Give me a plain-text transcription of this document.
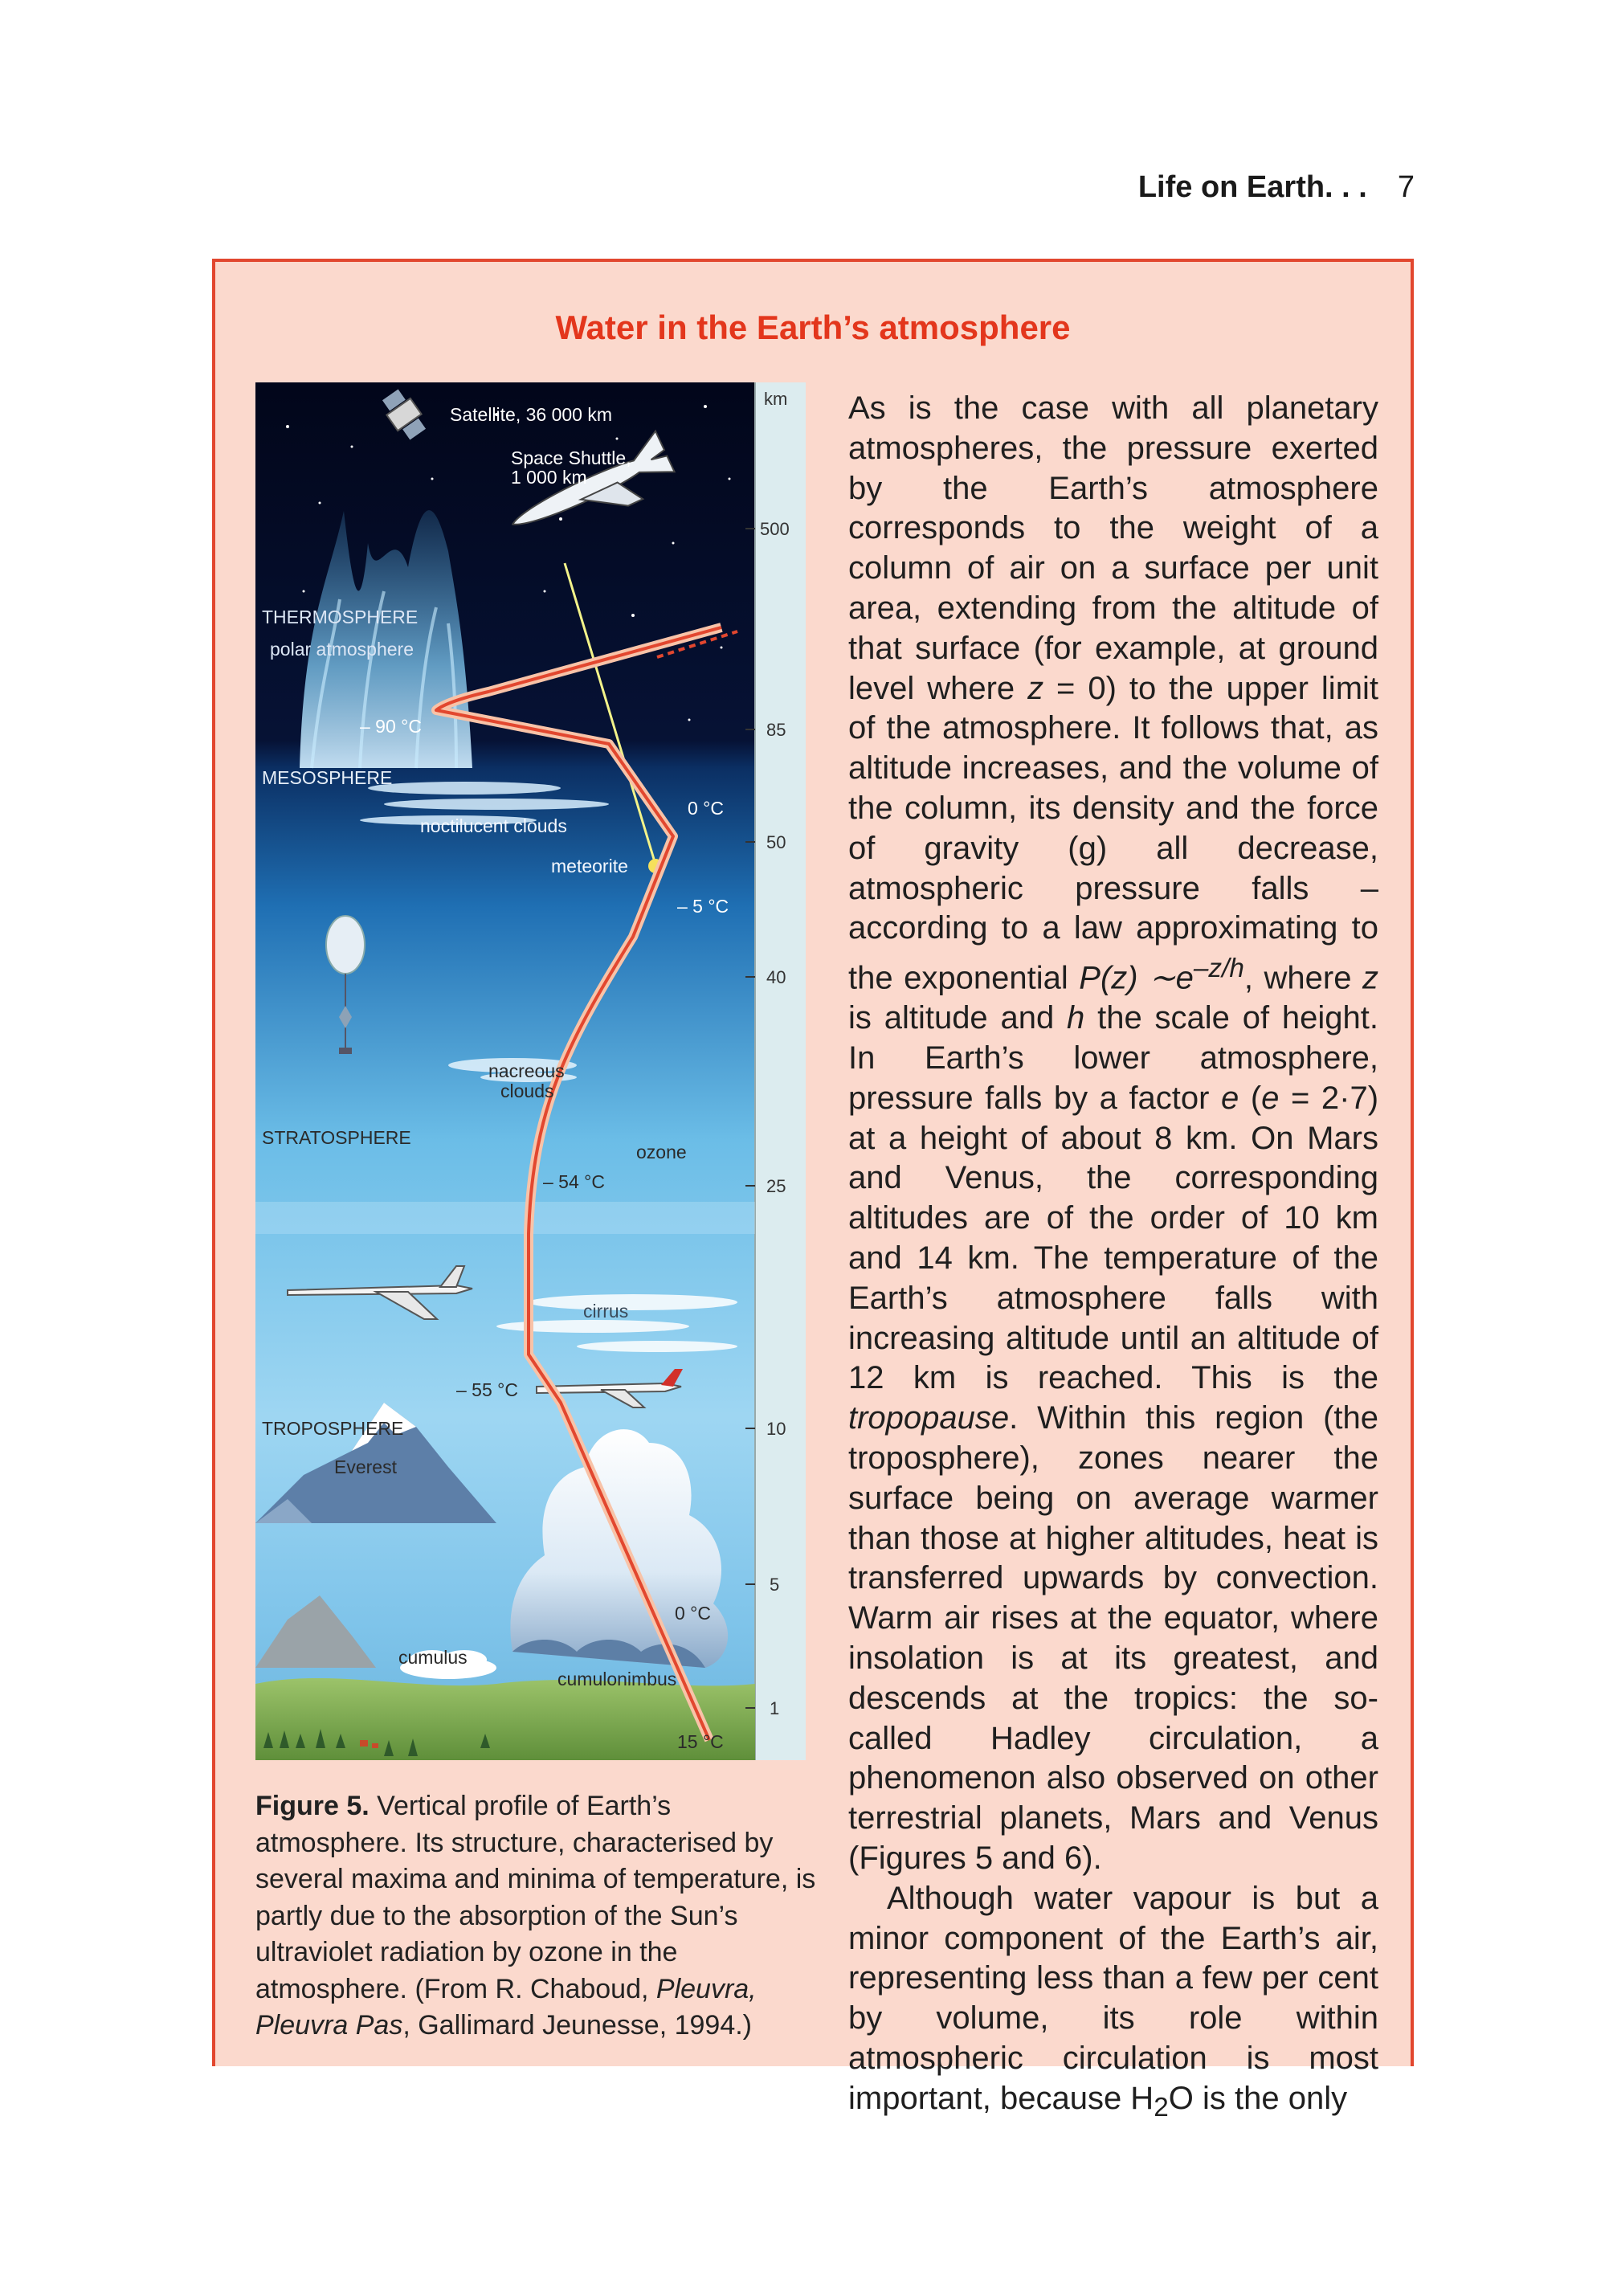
Life on Earth. . . 7
Water in the Earth’s atmosphere
km
500
85
50
40
25
10
5
1
Satellite, 36 000 km
Space Shuttle,
1 000 km
THERMOSPHERE
polar atmosphere
– 90 °C
MESOSPHERE
noctilucent clouds
0 °C
meteorite
– 5 °C
nacreous
clouds
STRATOSPHERE
ozone
– 54 °C
cirrus
– 55 °C
TROPOSPHERE
Everest
0 °C
cumulus
cumulonimbus
15 °C
Figure 5. Vertical profile of Earth’s atmosphere. Its structure, characterised by several maxima and minima of temperature, is partly due to the absorption of the Sun’s ultraviolet radiation by ozone in the atmosphere. (From R. Chaboud, Pleuvra, Pleuvra Pas, Gallimard Jeunesse, 1994.)

As is the case with all planetary atmospheres, the pressure exerted by the Earth’s atmosphere corresponds to the weight of a column of air on a surface per unit area, extending from the altitude of that surface (for example, at ground level where z = 0) to the upper limit of the atmosphere. It follows that, as altitude increases, and the volume of the column, its density and the force of gravity (g) all decrease, atmospheric pressure falls – according to a law approximating to the exponential P(z) $\sim e^{-z/h}$, where z is altitude and h the scale of height. In Earth’s lower atmosphere, pressure falls by a factor e (e = 2·7) at a height of about 8 km. On Mars and Venus, the corresponding altitudes are of the order of 10 km and 14 km. The temperature of the Earth’s atmosphere falls with increasing altitude until an altitude of 12 km is reached. This is the tropopause. Within this region (the troposphere), zones nearer the surface being on average warmer than those at higher altitudes, heat is transferred upwards by convection. Warm air rises at the equator, where insolation is at its greatest, and descends at the tropics: the so-called Hadley circulation, a phenomenon also observed on other terrestrial planets, Mars and Venus (Figures 5 and 6).

Although water vapour is but a minor component of the Earth’s air, representing less than a few per cent by volume, its role within atmospheric circulation is most important, because $H_2O$ is the only
